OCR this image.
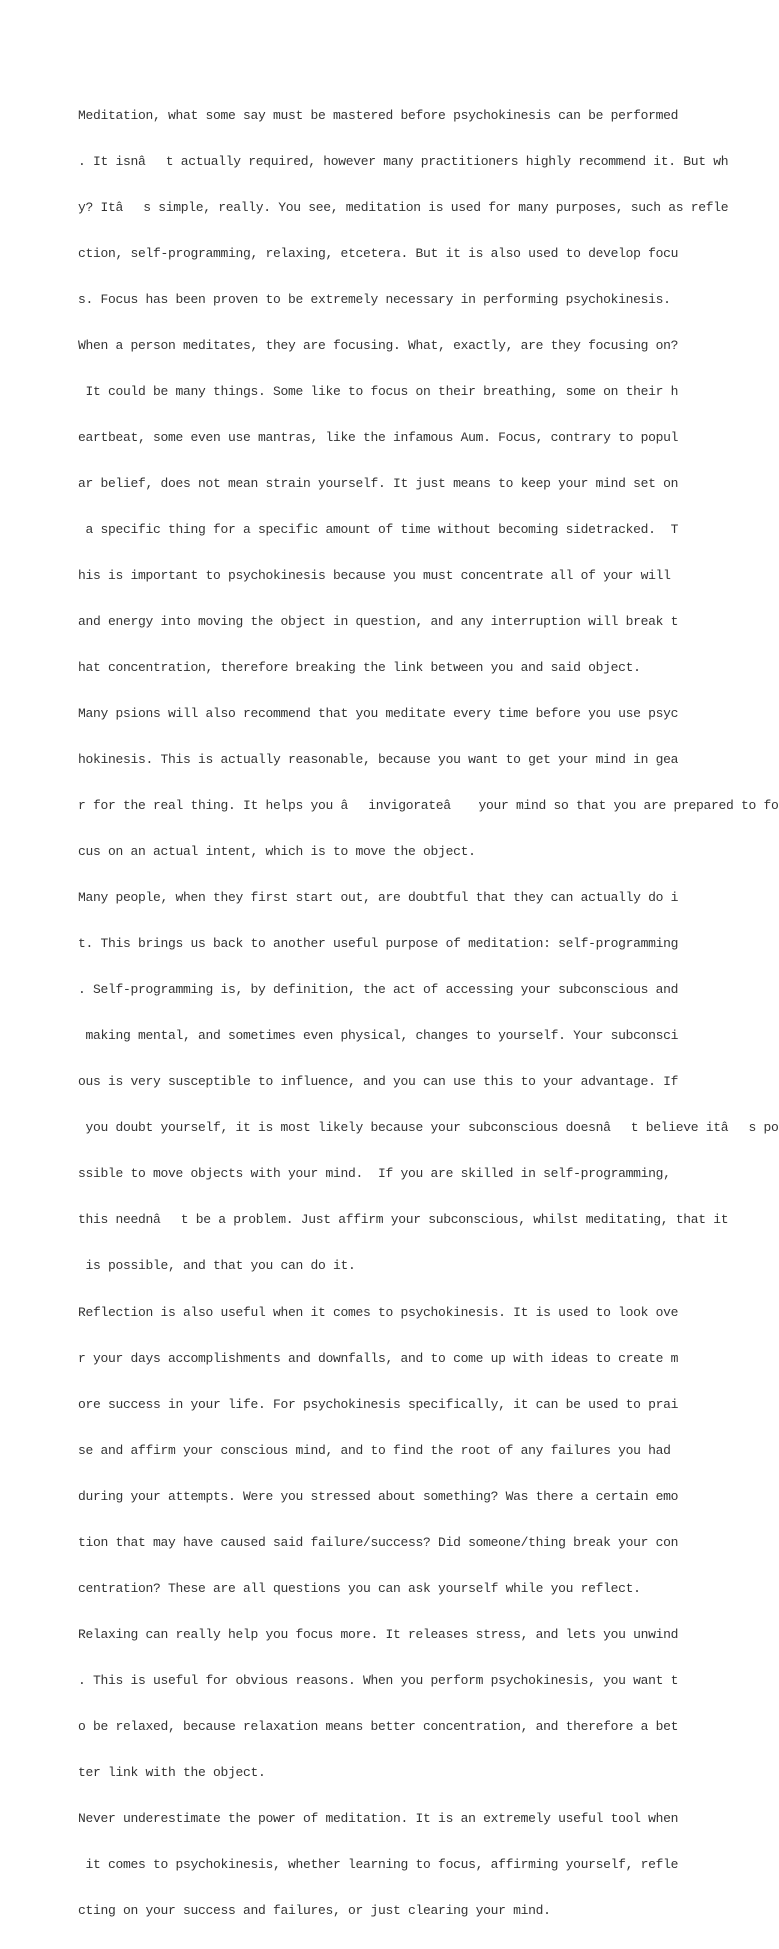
Meditation, what some say must be mastered before psychokinesis can be performed

. It isnât actually required, however many practitioners highly recommend it. But wh

y? Itâs simple, really. You see, meditation is used for many purposes, such as refle

ction, self-programming, relaxing, etcetera. But it is also used to develop focu

s. Focus has been proven to be extremely necessary in performing psychokinesis.

When a person meditates, they are focusing. What, exactly, are they focusing on?

It could be many things. Some like to focus on their breathing, some on their h

eartbeat, some even use mantras, like the infamous Aum. Focus, contrary to popul

ar belief, does not mean strain yourself. It just means to keep your mind set on

a specific thing for a specific amount of time without becoming sidetracked.  T

his is important to psychokinesis because you must concentrate all of your will

and energy into moving the object in question, and any interruption will break t

hat concentration, therefore breaking the link between you and said object.

Many psions will also recommend that you meditate every time before you use psyc

hokinesis. This is actually reasonable, because you want to get your mind in gea

r for the real thing. It helps you âinvigorateâ your mind so that you are prepared to fo

cus on an actual intent, which is to move the object.

Many people, when they first start out, are doubtful that they can actually do i

t. This brings us back to another useful purpose of meditation: self-programming

. Self-programming is, by definition, the act of accessing your subconscious and

making mental, and sometimes even physical, changes to yourself. Your subconsci

ous is very susceptible to influence, and you can use this to your advantage. If

you doubt yourself, it is most likely because your subconscious doesnât believe itâs po

ssible to move objects with your mind.  If you are skilled in self-programming,

this neednât be a problem. Just affirm your subconscious, whilst meditating, that it

is possible, and that you can do it.

Reflection is also useful when it comes to psychokinesis. It is used to look ove

r your days accomplishments and downfalls, and to come up with ideas to create m

ore success in your life. For psychokinesis specifically, it can be used to prai

se and affirm your conscious mind, and to find the root of any failures you had

during your attempts. Were you stressed about something? Was there a certain emo

tion that may have caused said failure/success? Did someone/thing break your con

centration? These are all questions you can ask yourself while you reflect.

Relaxing can really help you focus more. It releases stress, and lets you unwind

. This is useful for obvious reasons. When you perform psychokinesis, you want t

o be relaxed, because relaxation means better concentration, and therefore a bet

ter link with the object.

Never underestimate the power of meditation. It is an extremely useful tool when

it comes to psychokinesis, whether learning to focus, affirming yourself, refle

cting on your success and failures, or just clearing your mind.
